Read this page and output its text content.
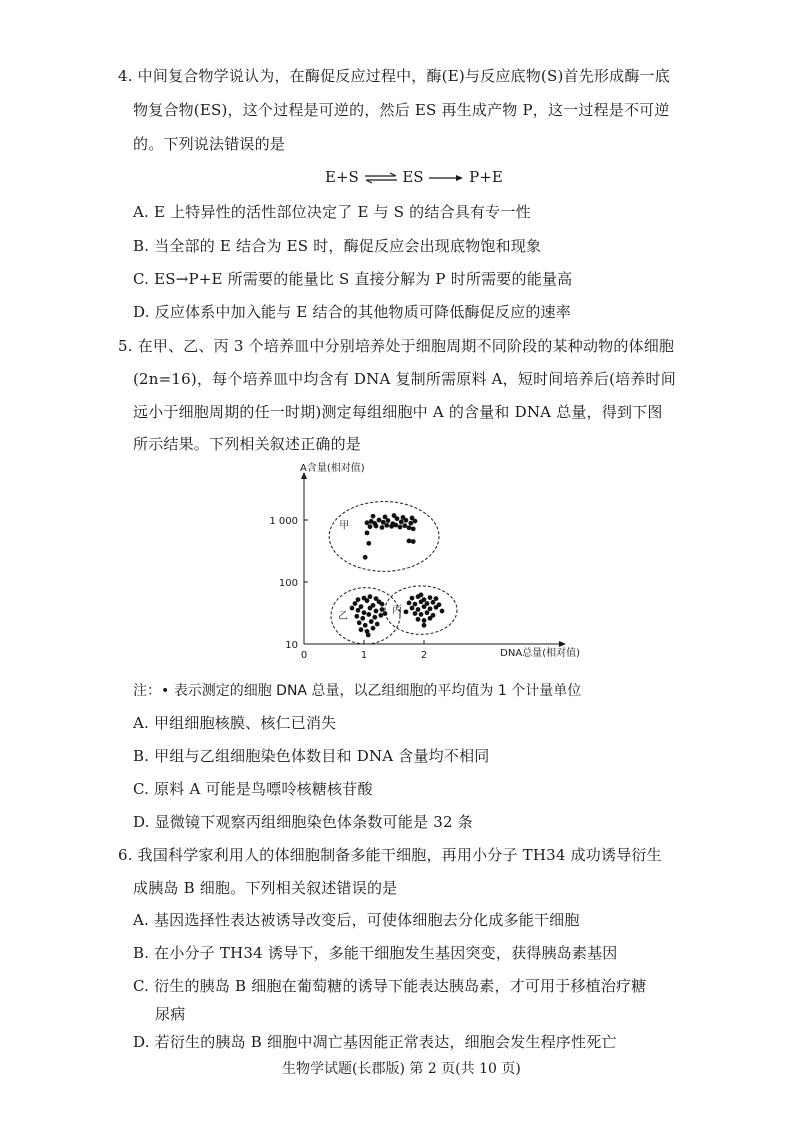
4. 中间复合物学说认为，在酶促反应过程中，酶(E)与反应底物(S)首先形成酶一底
物复合物(ES)，这个过程是可逆的，然后 ES 再生成产物 P，这一过程是不可逆
的。下列说法错误的是
E+S ⇌ ES	P+E
A. E 上特异性的活性部位决定了 E 与 S 的结合具有专一性
B. 当全部的 E 结合为 ES 时，酶促反应会出现底物饱和现象
C. ES→P+E 所需要的能量比 S 直接分解为 P 时所需要的能量高
D. 反应体系中加入能与 E 结合的其他物质可降低酶促反应的速率
5. 在甲、乙、丙 3 个培养皿中分别培养处于细胞周期不同阶段的某种动物的体细胞
(2n=16)，每个培养皿中均含有 DNA 复制所需原料 A，短时间培养后(培养时间
远小于细胞周期的任一时期)测定每组细胞中 A 的含量和 DNA 总量，得到下图
所示结果。下列相关叙述正确的是
0	1	2
10
100
1 000
A含量(相对值)
DNA总量(相对值)
甲
乙
丙
注：• 表示测定的细胞 DNA 总量，以乙组细胞的平均值为 1 个计量单位
A. 甲组细胞核膜、核仁已消失
B. 甲组与乙组细胞染色体数目和 DNA 含量均不相同
C. 原料 A 可能是鸟嘌呤核糖核苷酸
D. 显微镜下观察丙组细胞染色体条数可能是 32 条
6. 我国科学家利用人的体细胞制备多能干细胞，再用小分子 TH34 成功诱导衍生
成胰岛 B 细胞。下列相关叙述错误的是
A. 基因选择性表达被诱导改变后，可使体细胞去分化成多能干细胞
B. 在小分子 TH34 诱导下，多能干细胞发生基因突变，获得胰岛素基因
C. 衍生的胰岛 B 细胞在葡萄糖的诱导下能表达胰岛素，才可用于移植治疗糖
尿病
D. 若衍生的胰岛 B 细胞中凋亡基因能正常表达，细胞会发生程序性死亡
生物学试题(长郡版) 第 2 页(共 10 页)
